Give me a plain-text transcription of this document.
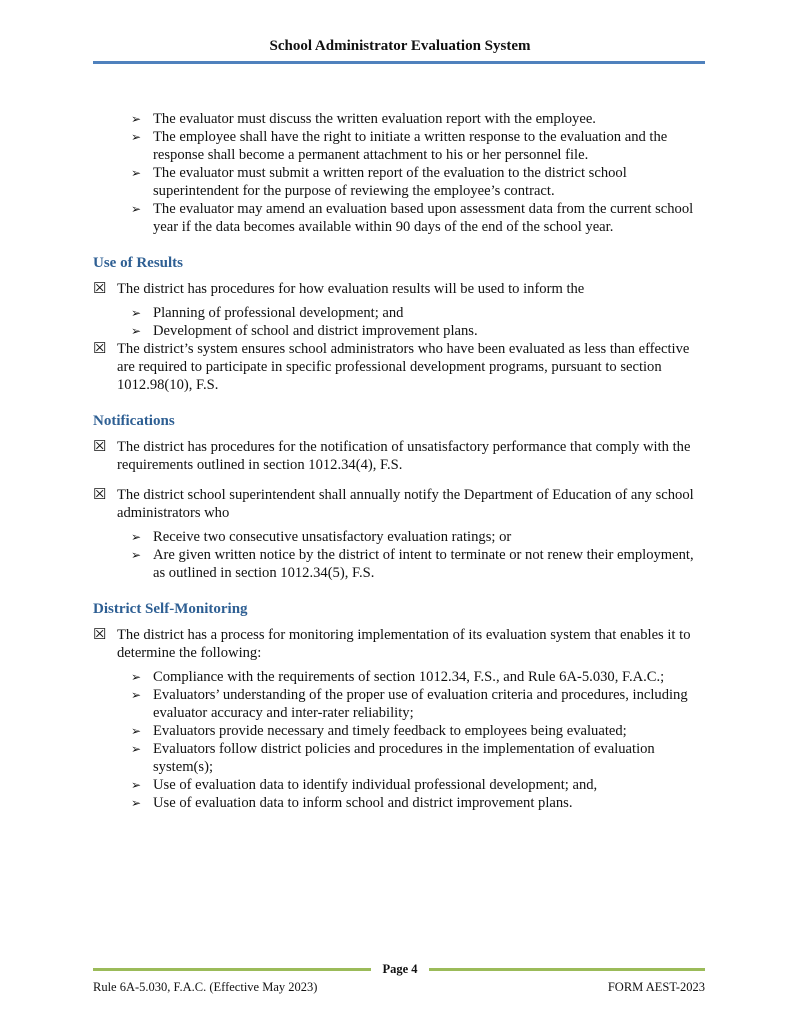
School Administrator Evaluation System
➢ The evaluator must discuss the written evaluation report with the employee.
➢ The employee shall have the right to initiate a written response to the evaluation and the response shall become a permanent attachment to his or her personnel file.
➢ The evaluator must submit a written report of the evaluation to the district school superintendent for the purpose of reviewing the employee’s contract.
➢ The evaluator may amend an evaluation based upon assessment data from the current school year if the data becomes available within 90 days of the end of the school year.
Use of Results
☒ The district has procedures for how evaluation results will be used to inform the
➢ Planning of professional development; and
➢ Development of school and district improvement plans.
☒ The district’s system ensures school administrators who have been evaluated as less than effective are required to participate in specific professional development programs, pursuant to section 1012.98(10), F.S.
Notifications
☒ The district has procedures for the notification of unsatisfactory performance that comply with the requirements outlined in section 1012.34(4), F.S.
☒ The district school superintendent shall annually notify the Department of Education of any school administrators who
➢ Receive two consecutive unsatisfactory evaluation ratings; or
➢ Are given written notice by the district of intent to terminate or not renew their employment, as outlined in section 1012.34(5), F.S.
District Self-Monitoring
☒ The district has a process for monitoring implementation of its evaluation system that enables it to determine the following:
➢ Compliance with the requirements of section 1012.34, F.S., and Rule 6A-5.030, F.A.C.;
➢ Evaluators’ understanding of the proper use of evaluation criteria and procedures, including evaluator accuracy and inter-rater reliability;
➢ Evaluators provide necessary and timely feedback to employees being evaluated;
➢ Evaluators follow district policies and procedures in the implementation of evaluation system(s);
➢ Use of evaluation data to identify individual professional development; and,
➢ Use of evaluation data to inform school and district improvement plans.
Page 4
Rule 6A-5.030, F.A.C. (Effective May 2023)	FORM AEST-2023
